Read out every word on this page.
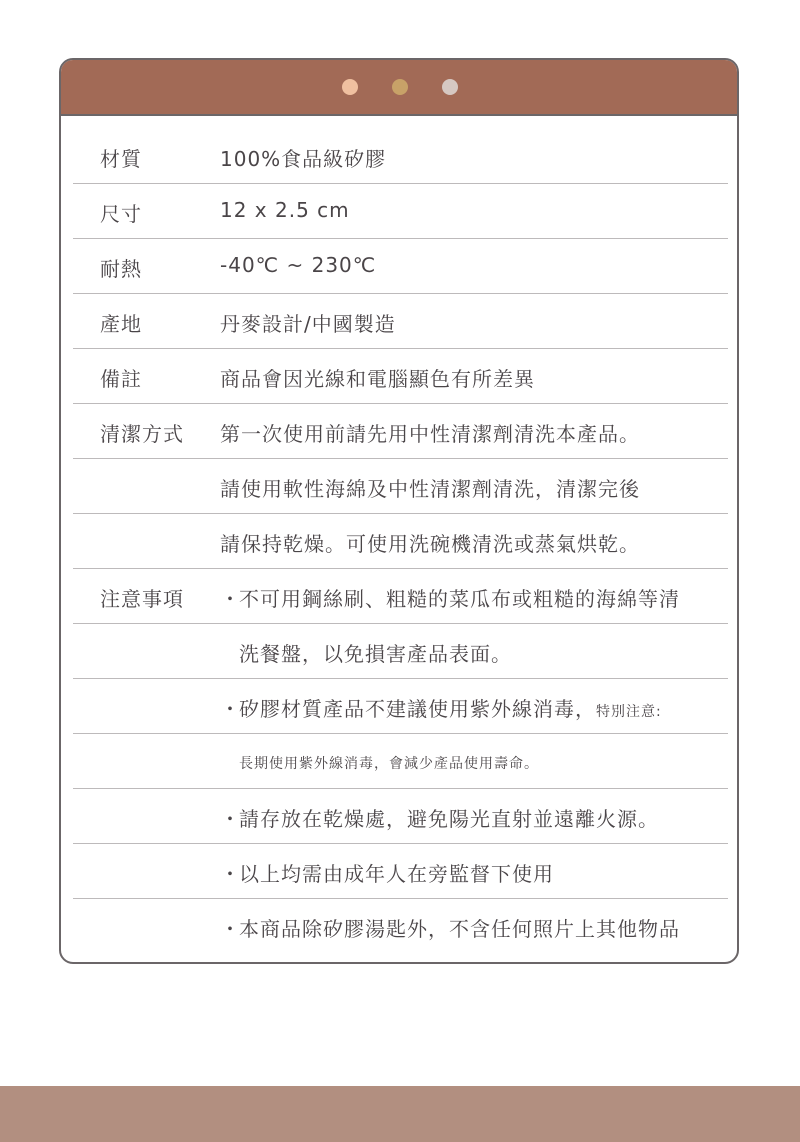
材質	100%食品級矽膠
尺寸	12 x 2.5 cm
耐熱	-40℃ ~ 230℃
產地	丹麥設計/中國製造
備註	商品會因光線和電腦顯色有所差異
清潔方式 第一次使用前請先用中性清潔劑清洗本產品。
請使用軟性海綿及中性清潔劑清洗，清潔完後
請保持乾燥。可使用洗碗機清洗或蒸氣烘乾。
注意事項 ・ 不可用鋼絲刷、粗糙的菜瓜布或粗糙的海綿等清
洗餐盤，以免損害產品表面。
・ 矽膠材質產品不建議使用紫外線消毒，特別注意:
長期使用紫外線消毒，會減少產品使用壽命。
・ 請存放在乾燥處，避免陽光直射並遠離火源。
・ 以上均需由成年人在旁監督下使用
・ 本商品除矽膠湯匙外，不含任何照片上其他物品
